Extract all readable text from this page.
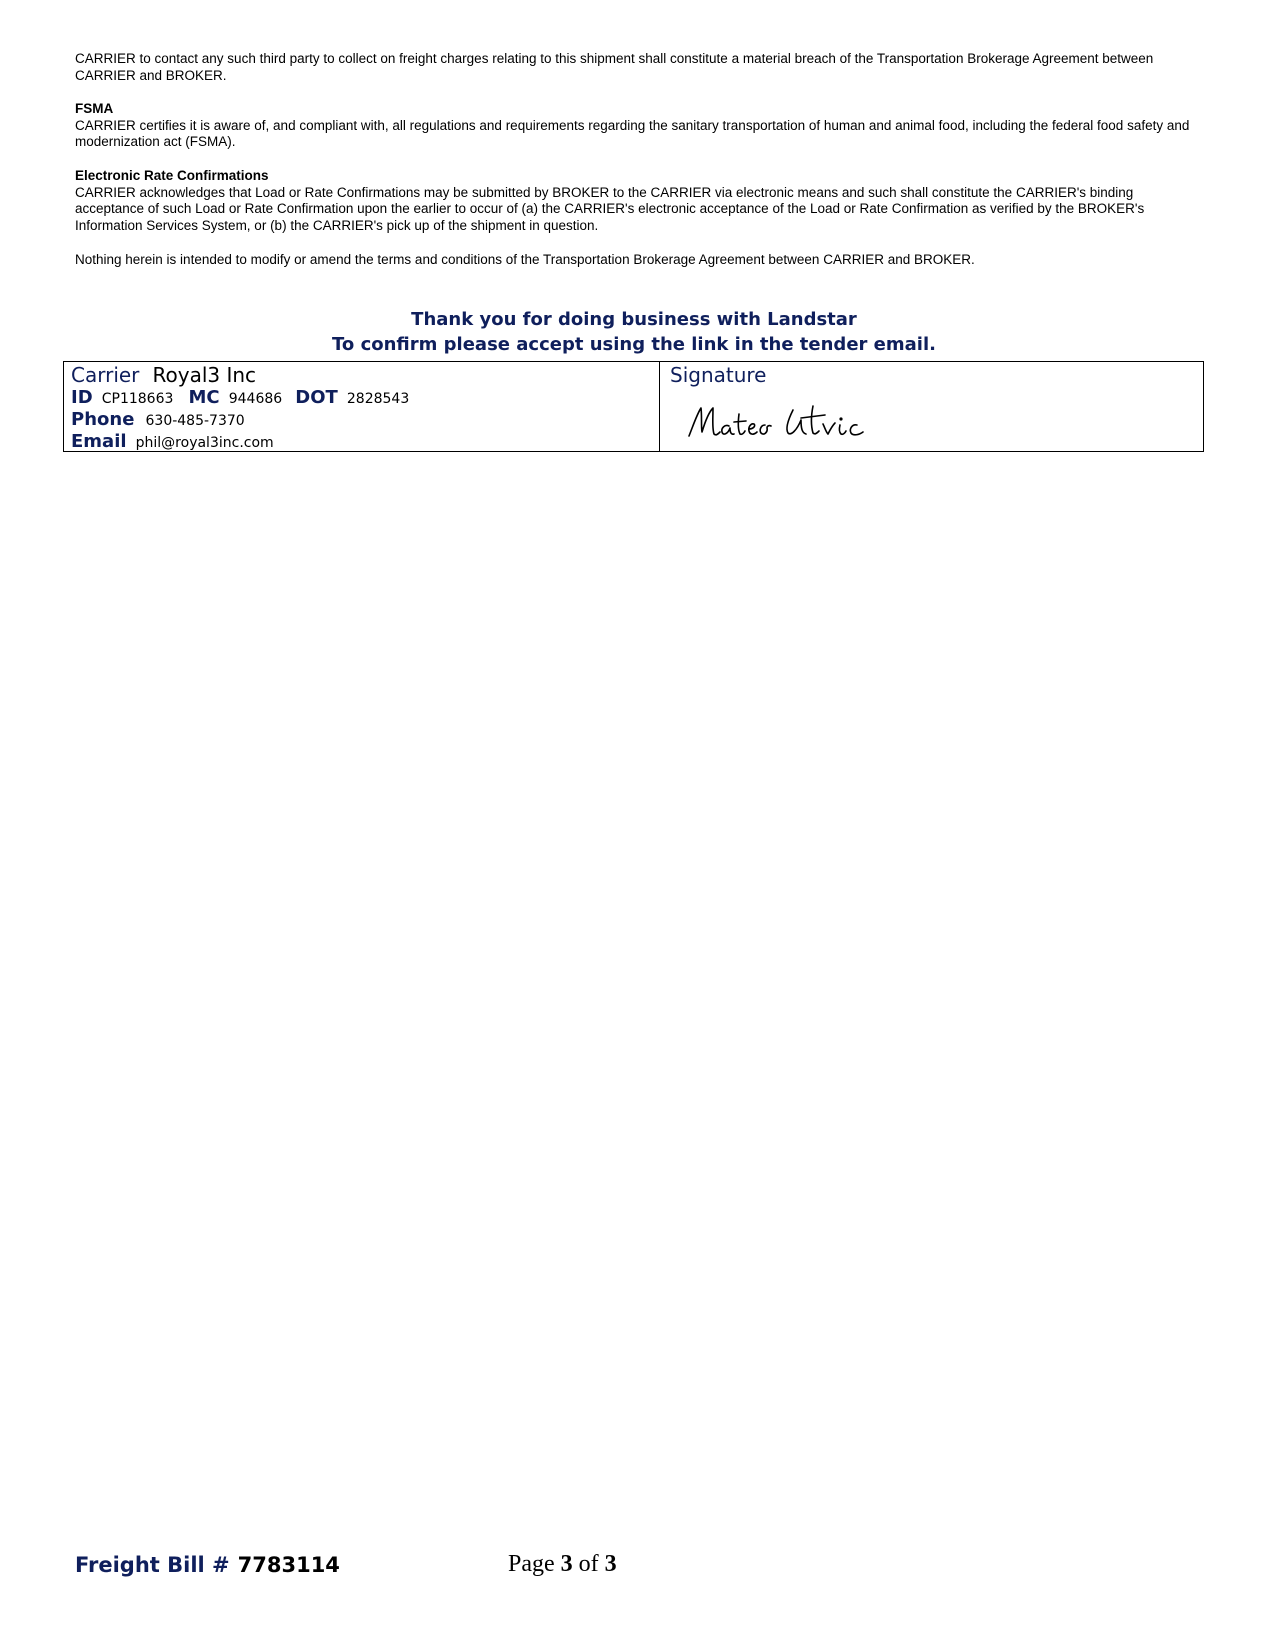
CARRIER to contact any such third party to collect on freight charges relating to this shipment shall constitute a material breach of the Transportation Brokerage Agreement between CARRIER and BROKER.

FSMA

CARRIER certifies it is aware of, and compliant with, all regulations and requirements regarding the sanitary transportation of human and animal food, including the federal food safety and modernization act (FSMA).

Electronic Rate Confirmations

CARRIER acknowledges that Load or Rate Confirmations may be submitted by BROKER to the CARRIER via electronic means and such shall constitute the CARRIER's binding acceptance of such Load or Rate Confirmation upon the earlier to occur of (a) the CARRIER's electronic acceptance of the Load or Rate Confirmation as verified by the BROKER's Information Services System, or (b) the CARRIER's pick up of the shipment in question.

Nothing herein is intended to modify or amend the terms and conditions of the Transportation Brokerage Agreement between CARRIER and BROKER.

Thank you for doing business with Landstar
To confirm please accept using the link in the tender email.
Carrier Royal3 Inc
ID CP118663 MC 944686 DOT 2828543
Phone 630-485-7370
Email phil@royal3inc.com
Signature
Freight Bill # 7783114	Page 3 of 3
